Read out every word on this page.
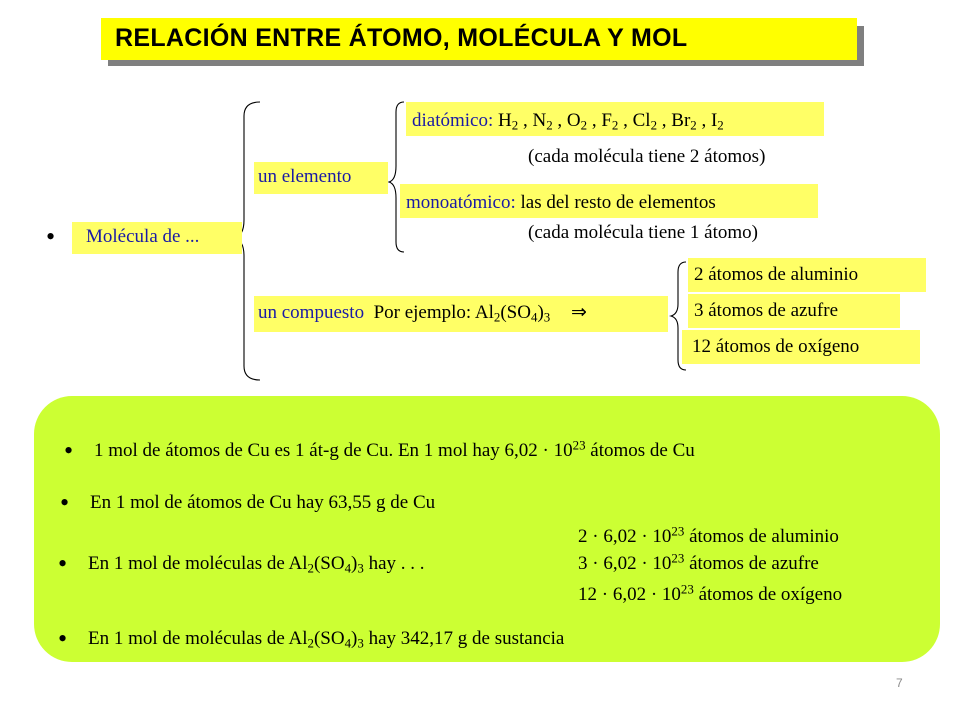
RELACIÓN ENTRE ÁTOMO, MOLÉCULA Y MOL
•	Molécula de ...
un elemento
diatómico: $H_2$ , $N_2$ , $O_2$ , $F_2$ , $Cl_2$ , $Br_2$ , $I_2$
(cada molécula tiene 2 átomos)
monoatómico: las del resto de elementos
(cada molécula tiene 1 átomo)
un compuesto Por ejemplo: $Al_2(SO_4)_3$ ⇒
2 átomos de aluminio
3 átomos de azufre
12 átomos de oxígeno
• 1 mol de átomos de Cu es 1 át-g de Cu. En 1 mol hay $6,02 \cdot 10^{23}$ átomos de Cu
• En 1 mol de átomos de Cu hay 63,55 g de Cu
• En 1 mol de moléculas de $Al_2(SO_4)_3$ hay . . .
$2 \cdot 6,02 \cdot 10^{23}$ átomos de aluminio
$3 \cdot 6,02 \cdot 10^{23}$ átomos de azufre
$12 \cdot 6,02 \cdot 10^{23}$ átomos de oxígeno
• En 1 mol de moléculas de $Al_2(SO_4)_3$ hay 342,17 g de sustancia
7
